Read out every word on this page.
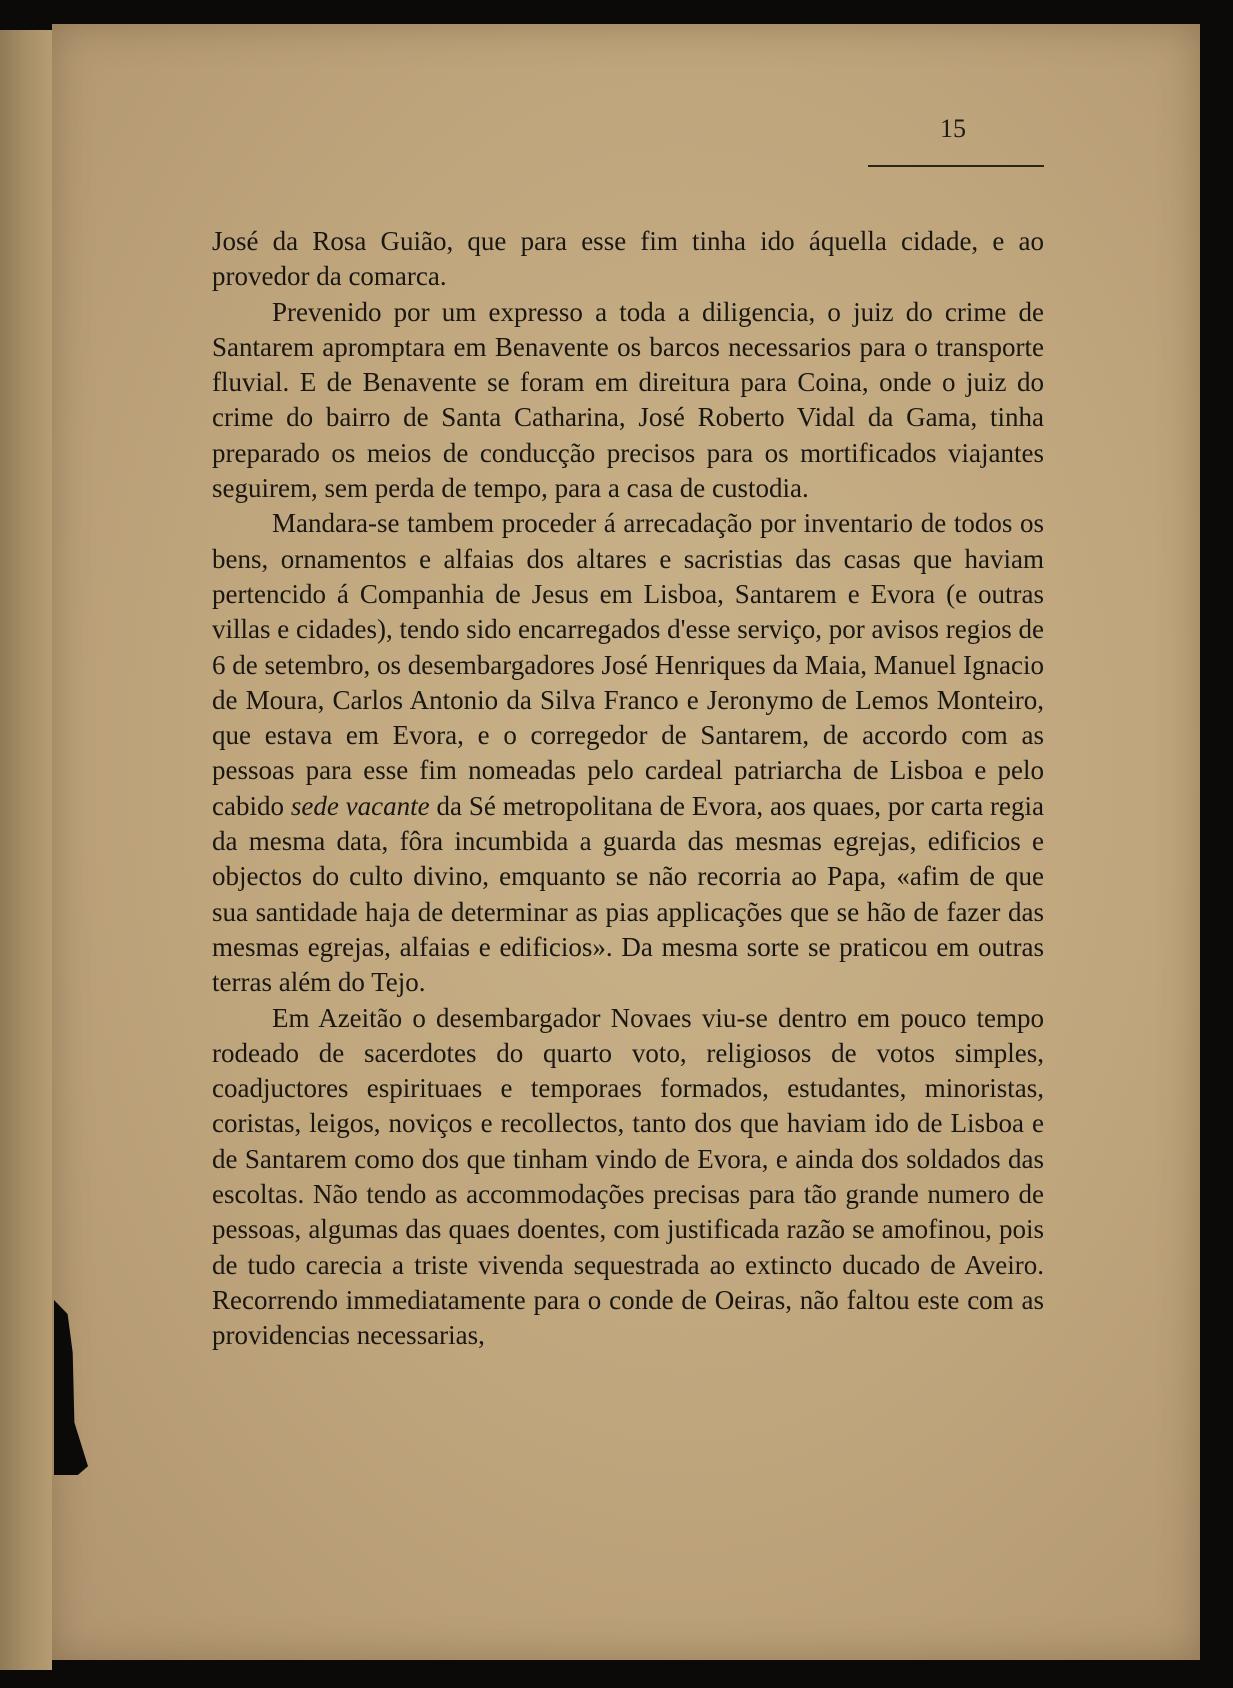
15

José da Rosa Guião, que para esse fim tinha ido áquella cidade, e ao provedor da comarca.

Prevenido por um expresso a toda a diligencia, o juiz do crime de Santarem apromptara em Benavente os barcos necessarios para o transporte fluvial. E de Benavente se foram em direitura para Coina, onde o juiz do crime do bairro de Santa Catharina, José Roberto Vidal da Gama, tinha preparado os meios de conducção precisos para os mortificados viajantes seguirem, sem perda de tempo, para a casa de custodia.

Mandara-se tambem proceder á arrecadação por inventario de todos os bens, ornamentos e alfaias dos altares e sacristias das casas que haviam pertencido á Companhia de Jesus em Lisboa, Santarem e Evora (e outras villas e cidades), tendo sido encarregados d'esse serviço, por avisos regios de 6 de setembro, os desembargadores José Henriques da Maia, Manuel Ignacio de Moura, Carlos Antonio da Silva Franco e Jeronymo de Lemos Monteiro, que estava em Evora, e o corregedor de Santarem, de accordo com as pessoas para esse fim nomeadas pelo cardeal patriarcha de Lisboa e pelo cabido sede vacante da Sé metropolitana de Evora, aos quaes, por carta regia da mesma data, fôra incumbida a guarda das mesmas egrejas, edificios e objectos do culto divino, emquanto se não recorria ao Papa, «afim de que sua santidade haja de determinar as pias applicações que se hão de fazer das mesmas egrejas, alfaias e edificios». Da mesma sorte se praticou em outras terras além do Tejo.

Em Azeitão o desembargador Novaes viu-se dentro em pouco tempo rodeado de sacerdotes do quarto voto, religiosos de votos simples, coadjuctores espirituaes e temporaes formados, estudantes, minoristas, coristas, leigos, noviços e recollectos, tanto dos que haviam ido de Lisboa e de Santarem como dos que tinham vindo de Evora, e ainda dos soldados das escoltas. Não tendo as accommodações precisas para tão grande numero de pessoas, algumas das quaes doentes, com justificada razão se amofinou, pois de tudo carecia a triste vivenda sequestrada ao extincto ducado de Aveiro. Recorrendo immediatamente para o conde de Oeiras, não faltou este com as providencias necessarias,
